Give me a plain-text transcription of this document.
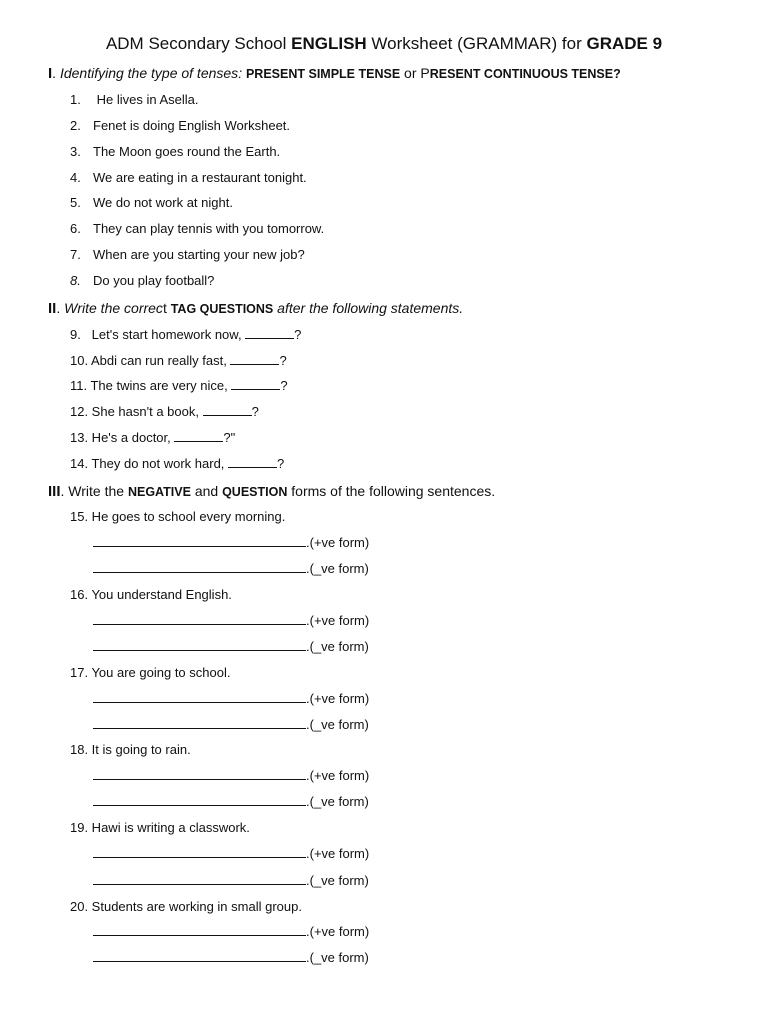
ADM Secondary School ENGLISH Worksheet (GRAMMAR) for GRADE 9
I. Identifying the type of tenses: PRESENT SIMPLE TENSE or PRESENT CONTINUOUS TENSE?
1. He lives in Asella.
2. Fenet is doing English Worksheet.
3. The Moon goes round the Earth.
4. We are eating in a restaurant tonight.
5. We do not work at night.
6. They can play tennis with you tomorrow.
7. When are you starting your new job?
8. Do you play football?
II. Write the correct TAG QUESTIONS after the following statements.
9.   Let's start homework now,	?
10. Abdi can run really fast,	?
11. The twins are very nice,	?
12. She hasn't a book,	?
13. He's a doctor,	?"
14. They do not work hard,	?
III. Write the NEGATIVE and QUESTION forms of the following sentences.
15. He goes to school every morning.
.(+ve form)
.(_ve form)
16. You understand English.
.(+ve form)
.(_ve form)
17. You are going to school.
.(+ve form)
.(_ve form)
18. It is going to rain.
.(+ve form)
.(_ve form)
19. Hawi is writing a classwork.
.(+ve form)
.(_ve form)
20. Students are working in small group.
.(+ve form)
.(_ve form)
